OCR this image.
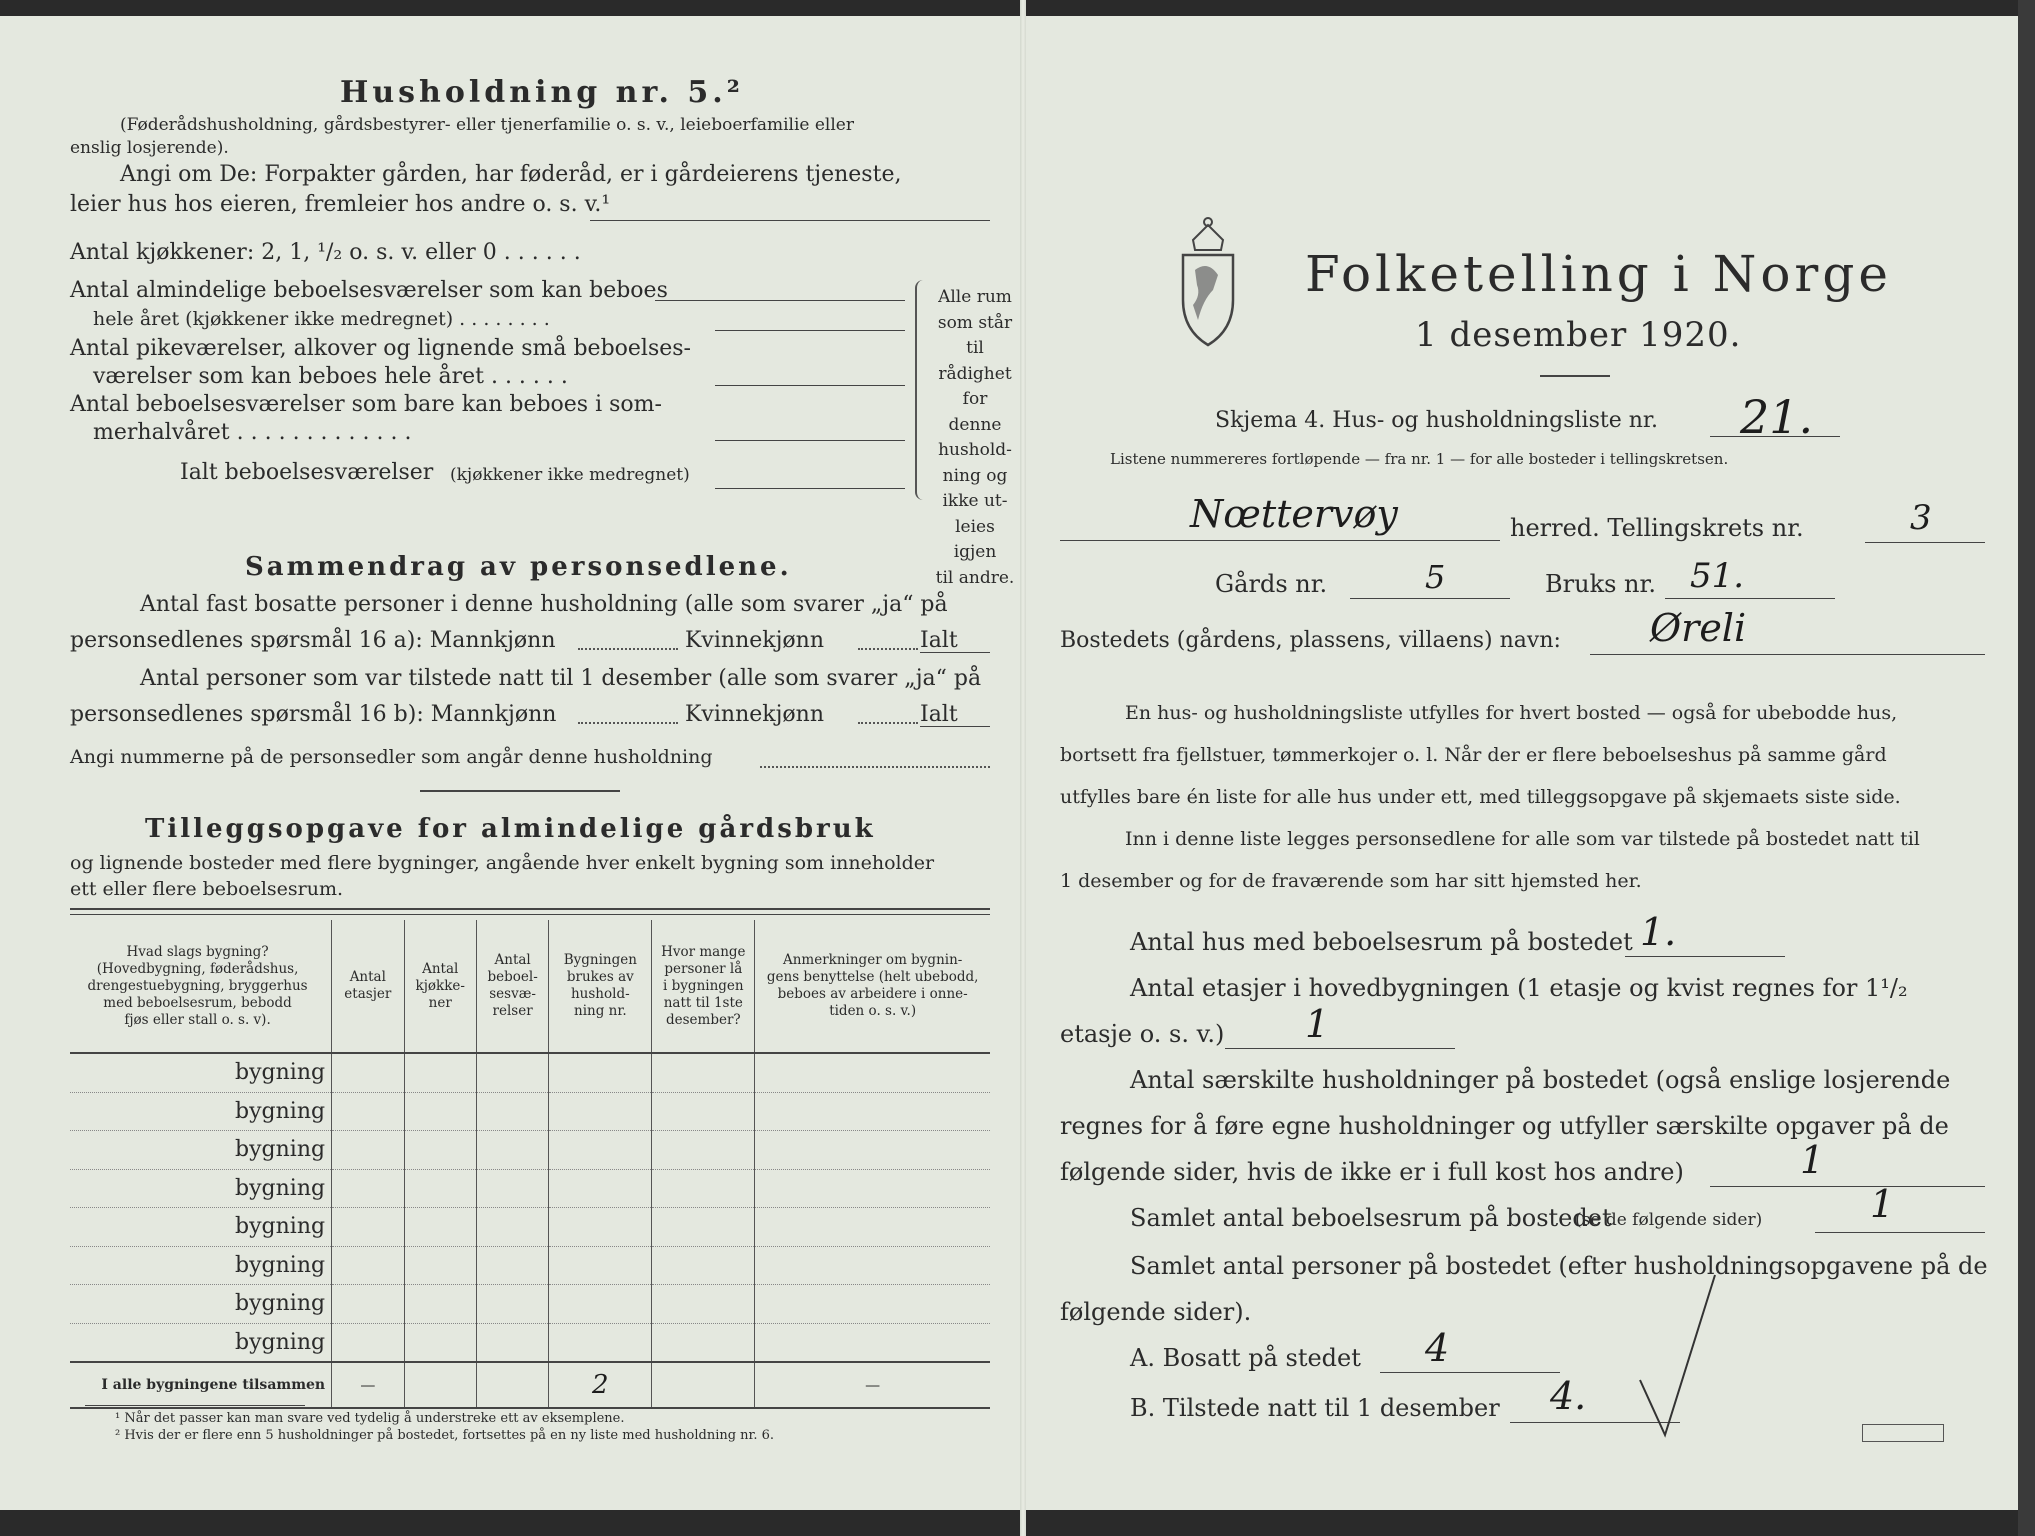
Husholdning nr. 5.²
(Føderådshusholdning, gårdsbestyrer- eller tjenerfamilie o. s. v., leieboerfamilie eller
enslig losjerende).
Angi om De: Forpakter gården, har føderåd, er i gårdeierens tjeneste,
leier hus hos eieren, fremleier hos andre o. s. v.¹
Antal kjøkkener: 2, 1, ¹/₂ o. s. v. eller 0 . . . . . .
Antal almindelige beboelsesværelser som kan beboes
hele året (kjøkkener ikke medregnet) . . . . . . . .
Antal pikeværelser, alkover og lignende små beboelses-
værelser som kan beboes hele året . . . . . .
Antal beboelsesværelser som bare kan beboes i som-
merhalvåret . . . . . . . . . . . . .
Ialt beboelsesværelser (kjøkkener ikke medregnet)
Alle rum
som står til
rådighet
for denne
hushold-
ning og
ikke ut-
leies igjen
til andre.
Sammendrag av personsedlene.
Antal fast bosatte personer i denne husholdning (alle som svarer „ja“ på
personsedlenes spørsmål 16 a): Mannkjønn	Kvinnekjønn	Ialt
Antal personer som var tilstede natt til 1 desember (alle som svarer „ja“ på
personsedlenes spørsmål 16 b): Mannkjønn	Kvinnekjønn	Ialt
Angi nummerne på de personsedler som angår denne husholdning
Tilleggsopgave for almindelige gårdsbruk
og lignende bosteder med flere bygninger, angående hver enkelt bygning som inneholder
ett eller flere beboelsesrum.
Hvad slags bygning?
(Hovedbygning, føderådshus,
drengestuebygning, bryggerhus
med beboelsesrum, bebodd
fjøs eller stall o. s. v).	Antal
etasjer	Antal
kjøkke-
ner	Antal
beboel-
sesvæ-
relser	Bygningen
brukes av
hushold-
ning nr.	Hvor mange
personer lå
i bygningen
natt til 1ste
desember?	Anmerkninger om bygnin-
gens benyttelse (helt ubebodd,
beboes av arbeidere i onne-
tiden o. s. v.)
bygning						
bygning						
bygning						
bygning						
bygning						
bygning						
bygning						
bygning						
I alle bygningene tilsammen	—			2		—
¹ Når det passer kan man svare ved tydelig å understreke ett av eksemplene.
² Hvis der er flere enn 5 husholdninger på bostedet, fortsettes på en ny liste med husholdning nr. 6.
Folketelling i Norge
1 desember 1920.
Skjema 4. Hus- og husholdningsliste nr. 21.
Listene nummereres fortløpende — fra nr. 1 — for alle bosteder i tellingskretsen.
Nœttervøy	herred. Tellingskrets nr.	3
Gårds nr.	5	Bruks nr. 51.
Bostedets (gårdens, plassens, villaens) navn: Øreli
En hus- og husholdningsliste utfylles for hvert bosted — også for ubebodde hus,
bortsett fra fjellstuer, tømmerkojer o. l. Når der er flere beboelseshus på samme gård
utfylles bare én liste for alle hus under ett, med tilleggsopgave på skjemaets siste side.
Inn i denne liste legges personsedlene for alle som var tilstede på bostedet natt til
1 desember og for de fraværende som har sitt hjemsted her.
Antal hus med beboelsesrum på bostedet 1.
Antal etasjer i hovedbygningen (1 etasje og kvist regnes for 1¹/₂
etasje o. s. v.) 1
Antal særskilte husholdninger på bostedet (også enslige losjerende
regnes for å føre egne husholdninger og utfyller særskilte opgaver på de
følgende sider, hvis de ikke er i full kost hos andre)	1
Samlet antal beboelsesrum på bostedet
(se de følgende sider)	1
Samlet antal personer på bostedet (efter husholdningsopgavene på de
følgende sider).
A. Bosatt på stedet 4
B. Tilstede natt til 1 desember 4.
